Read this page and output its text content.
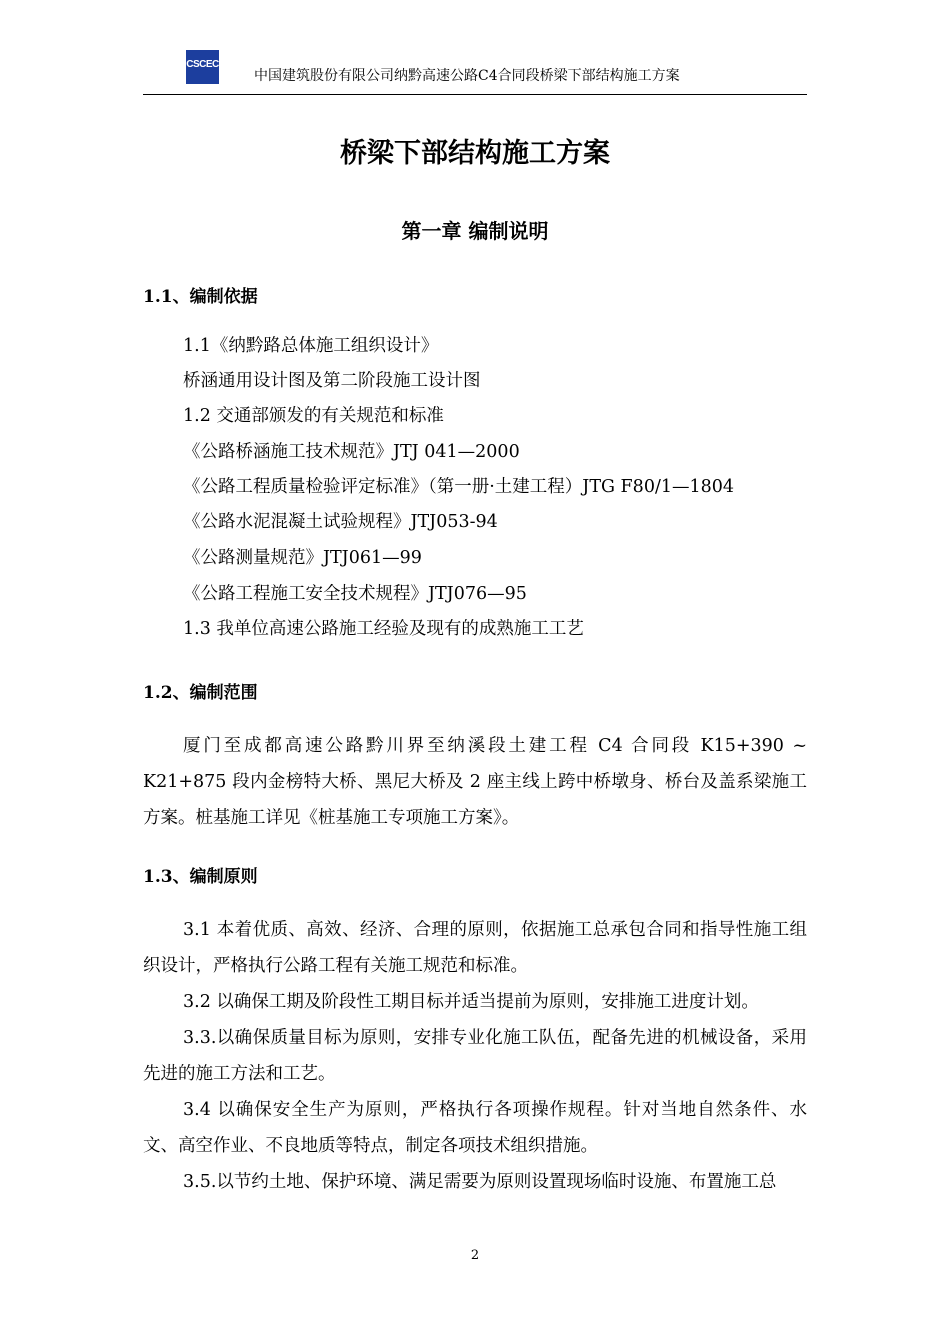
CSCEC
中国建筑股份有限公司纳黔高速公路C4合同段桥梁下部结构施工方案
桥梁下部结构施工方案
第一章 编制说明
1.1、编制依据
1.1《纳黔路总体施工组织设计》
桥涵通用设计图及第二阶段施工设计图
1.2 交通部颁发的有关规范和标准
《公路桥涵施工技术规范》JTJ 041—2000
《公路工程质量检验评定标准》（第一册·土建工程）JTG F80/1—1804
《公路水泥混凝土试验规程》JTJ053-94
《公路测量规范》JTJ061—99
《公路工程施工安全技术规程》JTJ076—95
1.3 我单位高速公路施工经验及现有的成熟施工工艺
1.2、编制范围

厦门至成都高速公路黔川界至纳溪段土建工程 C4 合同段 K15+390 ~ K21+875 段内金榜特大桥、黑尼大桥及 2 座主线上跨中桥墩身、桥台及盖系梁施工方案。桩基施工详见《桩基施工专项施工方案》。

1.3、编制原则

3.1 本着优质、高效、经济、合理的原则，依据施工总承包合同和指导性施工组织设计，严格执行公路工程有关施工规范和标准。

3.2 以确保工期及阶段性工期目标并适当提前为原则，安排施工进度计划。

3.3.以确保质量目标为原则，安排专业化施工队伍，配备先进的机械设备，采用先进的施工方法和工艺。

3.4 以确保安全生产为原则，严格执行各项操作规程。针对当地自然条件、水文、高空作业、不良地质等特点，制定各项技术组织措施。

3.5.以节约土地、保护环境、满足需要为原则设置现场临时设施、布置施工总

2
